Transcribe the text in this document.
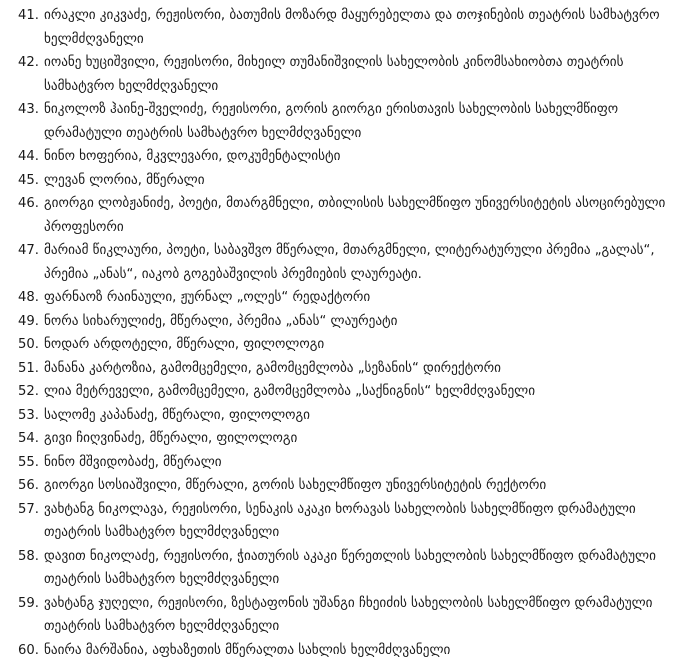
41. ირაკლი კიკვაძე, რეჟისორი, ბათუმის მოზარდ მაყურებელთა და თოჯინების თეატრის სამხატვრო ხელმძღვანელი
42. იოანე ხუციშვილი, რეჟისორი, მიხეილ თუმანიშვილის სახელობის კინომსახიობთა თეატრის სამხატვრო ხელმძღვანელი
43. ნიკოლოზ ჰაინე-შველიძე, რეჟისორი, გორის გიორგი ერისთავის სახელობის სახელმწიფო დრამატული თეატრის სამხატვრო ხელმძღვანელი
44. ნინო ხოფერია, მკვლევარი, დოკუმენტალისტი
45. ლევან ლორია, მწერალი
46. გიორგი ლობჟანიძე, პოეტი, მთარგმნელი, თბილისის სახელმწიფო უნივერსიტეტის ასოცირებული პროფესორი
47. მარიამ წიკლაური, პოეტი, საბავშვო მწერალი, მთარგმნელი, ლიტერატურული პრემია „გალას“, პრემია „ანას“, იაკობ გოგებაშვილის პრემიების ლაურეატი.
48. ფარნაოზ რაინაული, ჟურნალ „ოლეს“ რედაქტორი
49. ნორა სიხარულიძე, მწერალი, პრემია „ანას“ ლაურეატი
50. ნოდარ არდოტელი, მწერალი, ფილოლოგი
51. მანანა კარტოზია, გამომცემელი, გამომცემლობა „სეზანის“ დირექტორი
52. ლია მეტრეველი, გამომცემელი, გამომცემლობა „საქნიგნის“ ხელმძღვანელი
53. სალომე კაპანაძე, მწერალი, ფილოლოგი
54. გივი ჩიღვინაძე, მწერალი, ფილოლოგი
55. ნინო მშვიდობაძე, მწერალი
56. გიორგი სოსიაშვილი, მწერალი, გორის სახელმწიფო უნივერსიტეტის რექტორი
57. ვახტანგ ნიკოლავა, რეჟისორი, სენაკის აკაკი ხორავას სახელობის სახელმწიფო დრამატული თეატრის სამხატვრო ხელმძღვანელი
58. დავით ნიკოლაძე, რეჟისორი, ჭიათურის აკაკი წერეთლის სახელობის სახელმწიფო დრამატული თეატრის სამხატვრო ხელმძღვანელი
59. ვახტანგ ჯუღელი, რეჟისორი, ზესტაფონის უშანგი ჩხეიძის სახელობის სახელმწიფო დრამატული თეატრის სამხატვრო ხელმძღვანელი
60. ნაირა მარშანია, აფხაზეთის მწერალთა სახლის ხელმძღვანელი
